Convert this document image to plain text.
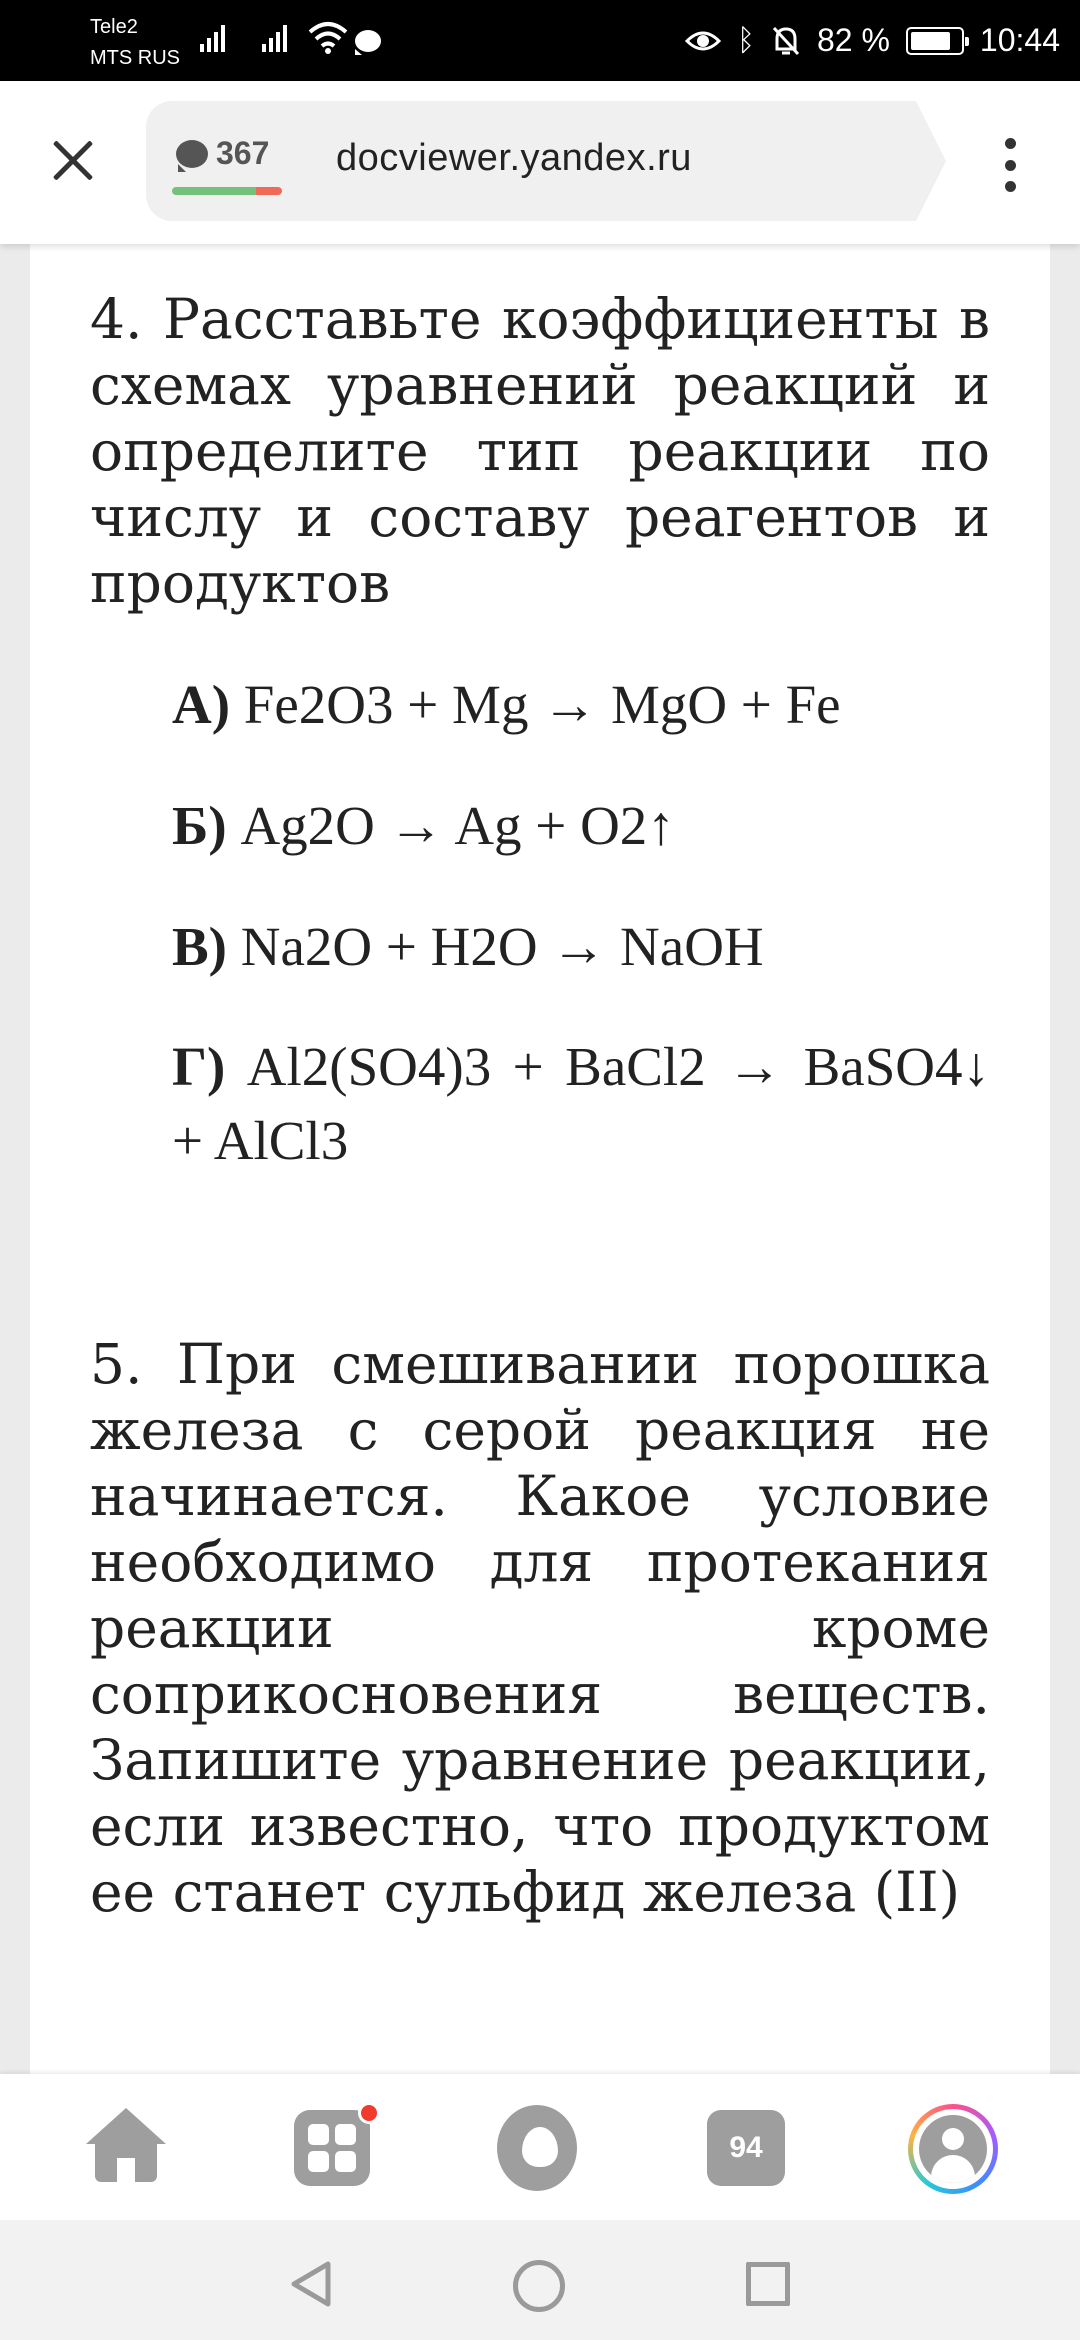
Tele2
MTS RUS
ᛒ 82 %	10:44
367 docviewer.yandex.ru
4. Расставьте коэффициенты в схемах уравнений реакций и определите тип реакции по числу и составу реагентов и продуктов
А) Fe2O3 + Mg → MgO + Fe
Б) Ag2O → Ag + O2↑
В) Na2O + H2O → NaOH
Г) Al2(SO4)3 + BaCl2 → BaSO4↓ + AlCl3
5. При смешивании порошка железа с серой реакция не начинается. Какое условие необходимо для протекания реакции кроме соприкосновения веществ. Запишите уравнение реакции, если известно, что продуктом ее станет сульфид железа (II)
94
